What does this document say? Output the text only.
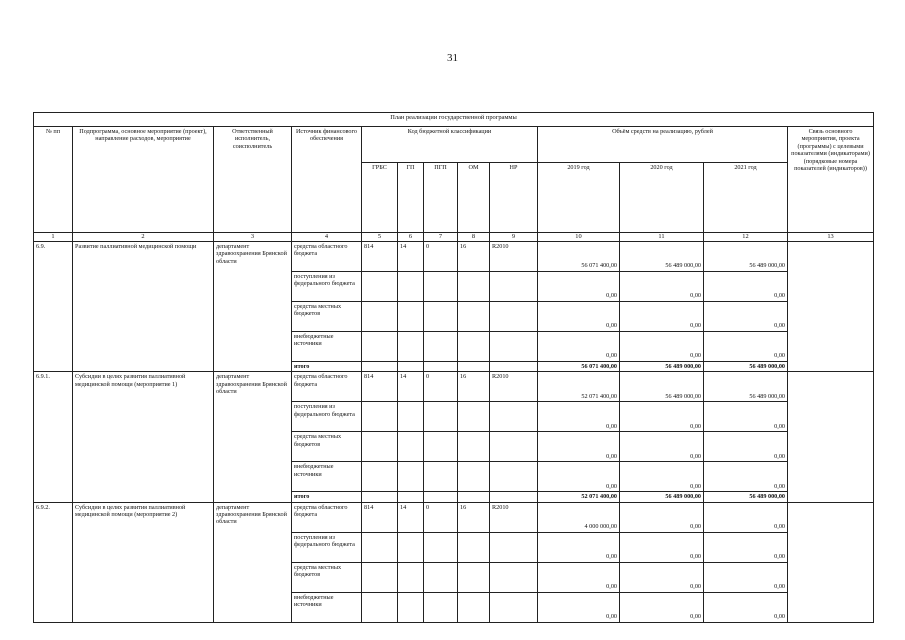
31
План реализации государственной программы												
№ пп	Подпрограмма, основное мероприятие (проект), направление расходов, мероприятие	Ответственный исполнитель, соисполнитель	Источник финансового обеспечения	Код бюджетной классификации					Объём средств на реализацию, рублей			Связь основного мероприятия, проекта (программы) с целевыми показателями (индикаторами) (порядковые номера показателей (индикаторов))
				ГРБС	ГП	ПГП	ОМ	НР	2019 год	2020 год	2021 год	
1	2	3	4	5	6	7	8	9	10	11	12	13
6.9.	Развитие паллиативной медицинской помощи	департамент здравоохранения Брянской области	средства областного бюджета	814	14	0	16	R2010	56 071 400,00	56 489 000,00	56 489 000,00	
			поступления из федерального бюджета						0,00	0,00	0,00	
			средства местных бюджетов						0,00	0,00	0,00	
			внебюджетные источники						0,00	0,00	0,00	
			итого						56 071 400,00	56 489 000,00	56 489 000,00	
6.9.1.	Субсидии в целях развития паллиативной медицинской помощи (мероприятие 1)	департамент здравоохранения Брянской области	средства областного бюджета	814	14	0	16	R2010	52 071 400,00	56 489 000,00	56 489 000,00	
			поступления из федерального бюджета						0,00	0,00	0,00	
			средства местных бюджетов						0,00	0,00	0,00	
			внебюджетные источники						0,00	0,00	0,00	
			итого						52 071 400,00	56 489 000,00	56 489 000,00	
6.9.2.	Субсидии в целях развития паллиативной медицинской помощи (мероприятие 2)	департамент здравоохранения Брянской области	средства областного бюджета	814	14	0	16	R2010	4 000 000,00	0,00	0,00	
			поступления из федерального бюджета						0,00	0,00	0,00	
			средства местных бюджетов						0,00	0,00	0,00	
			внебюджетные источники						0,00	0,00	0,00	
